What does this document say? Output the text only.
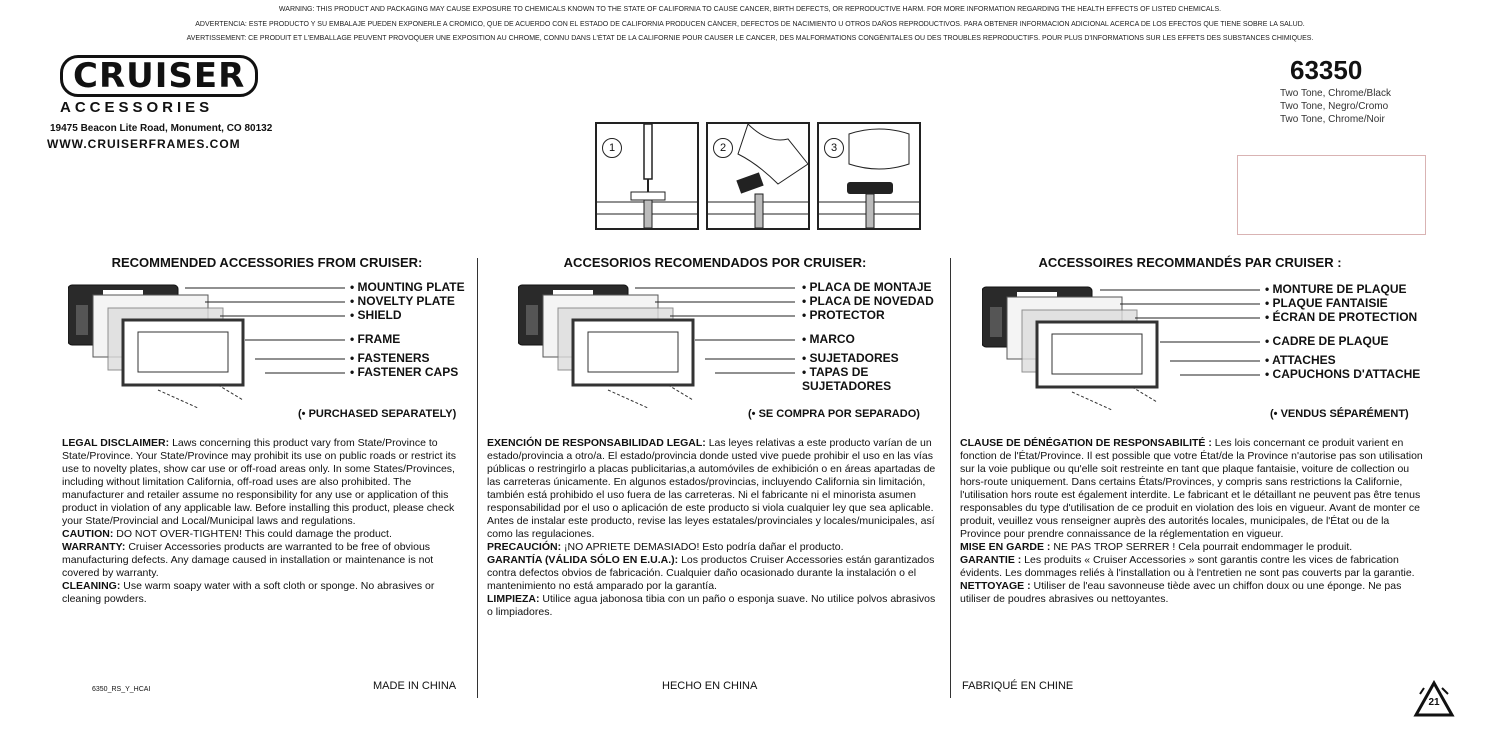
WARNING: THIS PRODUCT AND PACKAGING MAY CAUSE EXPOSURE TO CHEMICALS KNOWN TO THE STATE OF CALIFORNIA TO CAUSE CANCER, BIRTH DEFECTS, OR REPRODUCTIVE HARM. FOR MORE INFORMATION REGARDING THE HEALTH EFFECTS OF LISTED CHEMICALS.
ADVERTENCIA: ESTE PRODUCTO Y SU EMBALAJE PUEDEN EXPONERLE A CRÓMICO, QUE DE ACUERDO CON EL ESTADO DE CALIFORNIA PRODUCEN CÁNCER, DEFECTOS DE NACIMIENTO U OTROS DAÑOS REPRODUCTIVOS. PARA OBTENER INFORMACIÓN ADICIONAL ACERCA DE LOS EFECTOS QUE TIENE SOBRE LA SALUD.
AVERTISSEMENT: CE PRODUIT ET L'EMBALLAGE PEUVENT PROVOQUER UNE EXPOSITION AU CHROME, CONNU DANS L'ÉTAT DE LA CALIFORNIE POUR CAUSER LE CANCER, DES MALFORMATIONS CONGÉNITALES OU DES TROUBLES REPRODUCTIFS. POUR PLUS D'INFORMATIONS SUR LES EFFETS DES SUBSTANCES CHIMIQUES.
CRUISER
ACCESSORIES
19475 Beacon Lite Road, Monument, CO 80132
WWW.CRUISERFRAMES.COM
63350
Two Tone, Chrome/Black
Two Tone, Negro/Cromo
Two Tone, Chrome/Noir
1	2	3
RECOMMENDED ACCESSORIES FROM CRUISER:
• MOUNTING PLATE
• NOVELTY PLATE
• SHIELD
• FRAME
• FASTENERS
• FASTENER CAPS
(• PURCHASED SEPARATELY)
LEGAL DISCLAIMER: Laws concerning this product vary from State/Province to State/Province. Your State/Province may prohibit its use on public roads or restrict its use to novelty plates, show car use or off-road areas only. In some States/Provinces, including without limitation California, off-road uses are also prohibited. The manufacturer and retailer assume no responsibility for any use or application of this product in violation of any applicable law. Before installing this product, please check your State/Provincial and Local/Municipal laws and regulations.
CAUTION: DO NOT OVER-TIGHTEN! This could damage the product.
WARRANTY: Cruiser Accessories products are warranted to be free of obvious manufacturing defects. Any damage caused in installation or maintenance is not covered by warranty.
CLEANING: Use warm soapy water with a soft cloth or sponge. No abrasives or cleaning powders.
6350_RS_Y_HCAI	MADE IN CHINA
ACCESORIOS RECOMENDADOS POR CRUISER:
• PLACA DE MONTAJE
• PLACA DE NOVEDAD
• PROTECTOR
• MARCO
• SUJETADORES
• TAPAS DE SUJETADORES
(• SE COMPRA POR SEPARADO)
EXENCIÓN DE RESPONSABILIDAD LEGAL: Las leyes relativas a este producto varían de un estado/provincia a otro/a. El estado/provincia donde usted vive puede prohibir el uso en las vías públicas o restringirlo a placas publicitarias,a automóviles de exhibición o en áreas apartadas de las carreteras únicamente. En algunos estados/provincias, incluyendo California sin limitación, también está prohibido el uso fuera de las carreteras. Ni el fabricante ni el minorista asumen responsabilidad por el uso o aplicación de este producto si viola cualquier ley que sea aplicable. Antes de instalar este producto, revise las leyes estatales/provinciales y locales/municipales, así como las regulaciones.
PRECAUCIÓN: ¡NO APRIETE DEMASIADO! Esto podría dañar el producto.
GARANTÍA (VÁLIDA SÓLO EN E.U.A.): Los productos Cruiser Accessories están garantizados contra defectos obvios de fabricación. Cualquier daño ocasionado durante la instalación o el mantenimiento no está amparado por la garantía.
LIMPIEZA: Utilice agua jabonosa tibia con un paño o esponja suave. No utilice polvos abrasivos o limpiadores.
HECHO EN CHINA
ACCESSOIRES RECOMMANDÉS PAR CRUISER :
• MONTURE DE PLAQUE
• PLAQUE FANTAISIE
• ÉCRAN DE PROTECTION
• CADRE DE PLAQUE
• ATTACHES
• CAPUCHONS D'ATTACHE
(• VENDUS SÉPARÉMENT)
CLAUSE DE DÉNÉGATION DE RESPONSABILITÉ : Les lois concernant ce produit varient en fonction de l'État/Province. Il est possible que votre État/de la Province n'autorise pas son utilisation sur la voie publique ou qu'elle soit restreinte en tant que plaque fantaisie, voiture de collection ou hors-route uniquement. Dans certains États/Provinces, y compris sans restrictions la Californie, l'utilisation hors route est également interdite. Le fabricant et le détaillant ne peuvent pas être tenus responsables du type d'utilisation de ce produit en violation des lois en vigueur. Avant de monter ce produit, veuillez vous renseigner auprès des autorités locales, municipales, de l'État ou de la Province pour prendre connaissance de la réglementation en vigueur.
MISE EN GARDE : NE PAS TROP SERRER ! Cela pourrait endommager le produit.
GARANTIE : Les produits « Cruiser Accessories » sont garantis contre les vices de fabrication évidents. Les dommages reliés à l'installation ou à l'entretien ne sont pas couverts par la garantie.
NETTOYAGE : Utiliser de l'eau savonneuse tiède avec un chiffon doux ou une éponge. Ne pas utiliser de poudres abrasives ou nettoyantes.
FABRIQUÉ EN CHINE
21
